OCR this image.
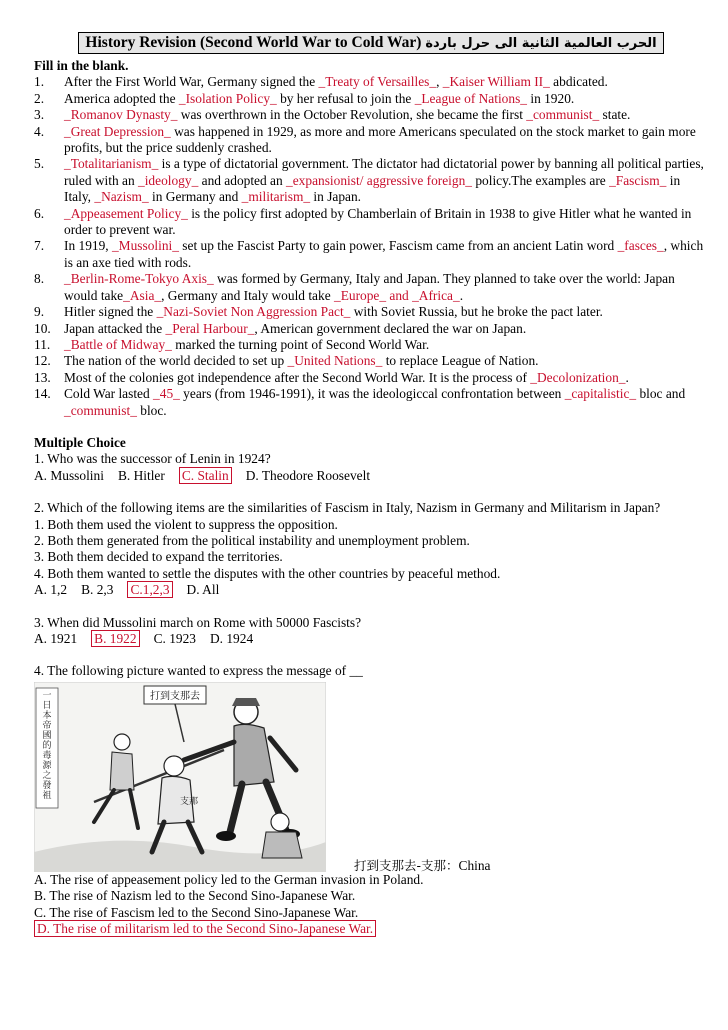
History Revision (Second World War to Cold War) الحرب العالمية الثانية الى حرل باردة
Fill in the blank.
1.	After the First World War, Germany signed the _Treaty of Versailles_, _Kaiser William II_ abdicated.
2.	America adopted the _Isolation Policy_ by her refusal to join the _League of Nations_ in 1920.
3.	_Romanov Dynasty_ was overthrown in the October Revolution, she became the first _communist_ state.
4.	_Great Depression_ was happened in 1929, as more and more Americans speculated on the stock market to gain more profits, but the price suddenly crashed.
5.	_Totalitarianism_ is a type of dictatorial government. The dictator had dictatorial power by banning all political parties, ruled with an _ideology_ and adopted an _expansionist/ aggressive foreign_ policy.The examples are _Fascism_ in Italy, _Nazism_ in Germany and _militarism_ in Japan.
6.	_Appeasement Policy_ is the policy first adopted by Chamberlain of Britain in 1938 to give Hitler what he wanted in order to prevent war.
7.	In 1919, _Mussolini_ set up the Fascist Party to gain power, Fascism came from an ancient Latin word _fasces_, which is an axe tied with rods.
8.	_Berlin-Rome-Tokyo Axis_ was formed by Germany, Italy and Japan. They planned to take over the world: Japan would take_Asia_, Germany and Italy would take _Europe_ and _Africa_.
9.	Hitler signed the _Nazi-Soviet Non Aggression Pact_ with Soviet Russia, but he broke the pact later.
10. Japan attacked the _Peral Harbour_, American government declared the war on Japan.
11.	_Battle of Midway_ marked the turning point of Second World War.
12. The nation of the world decided to set up _United Nations_ to replace League of Nation.
13. Most of the colonies got independence after the Second World War. It is the process of _Decolonization_.
14. Cold War lasted _45_ years (from 1946-1991), it was the ideologiccal confrontation between _capitalistic_ bloc and _communist_ bloc.
Multiple Choice
1. Who was the successor of Lenin in 1924?
A. Mussolini B. Hitler C. Stalin D. Theodore Roosevelt
2. Which of the following items are the similarities of Fascism in Italy, Nazism in Germany and Militarism in Japan?
1. Both them used the violent to suppress the opposition.
2. Both them generated from the political instability and unemployment problem.
3. Both them decided to expand the territories.
4. Both them wanted to settle the disputes with the other countries by peaceful method.
A. 1,2 B. 2,3 C.1,2,3 D. All
3. When did Mussolini march on Rome with 50000 Fascists?
A. 1921 B. 1922 C. 1923 D. 1924
4. The following picture wanted to express the message of __
一日本帝國的毒源之發祖
打到支那去
支那
打到支那去-支那：China
A. The rise of appeasement policy led to the German invasion in Poland.
B. The rise of Nazism led to the Second Sino-Japanese War.
C. The rise of Fascism led to the Second Sino-Japanese War.
D. The rise of militarism led to the Second Sino-Japanese War.
